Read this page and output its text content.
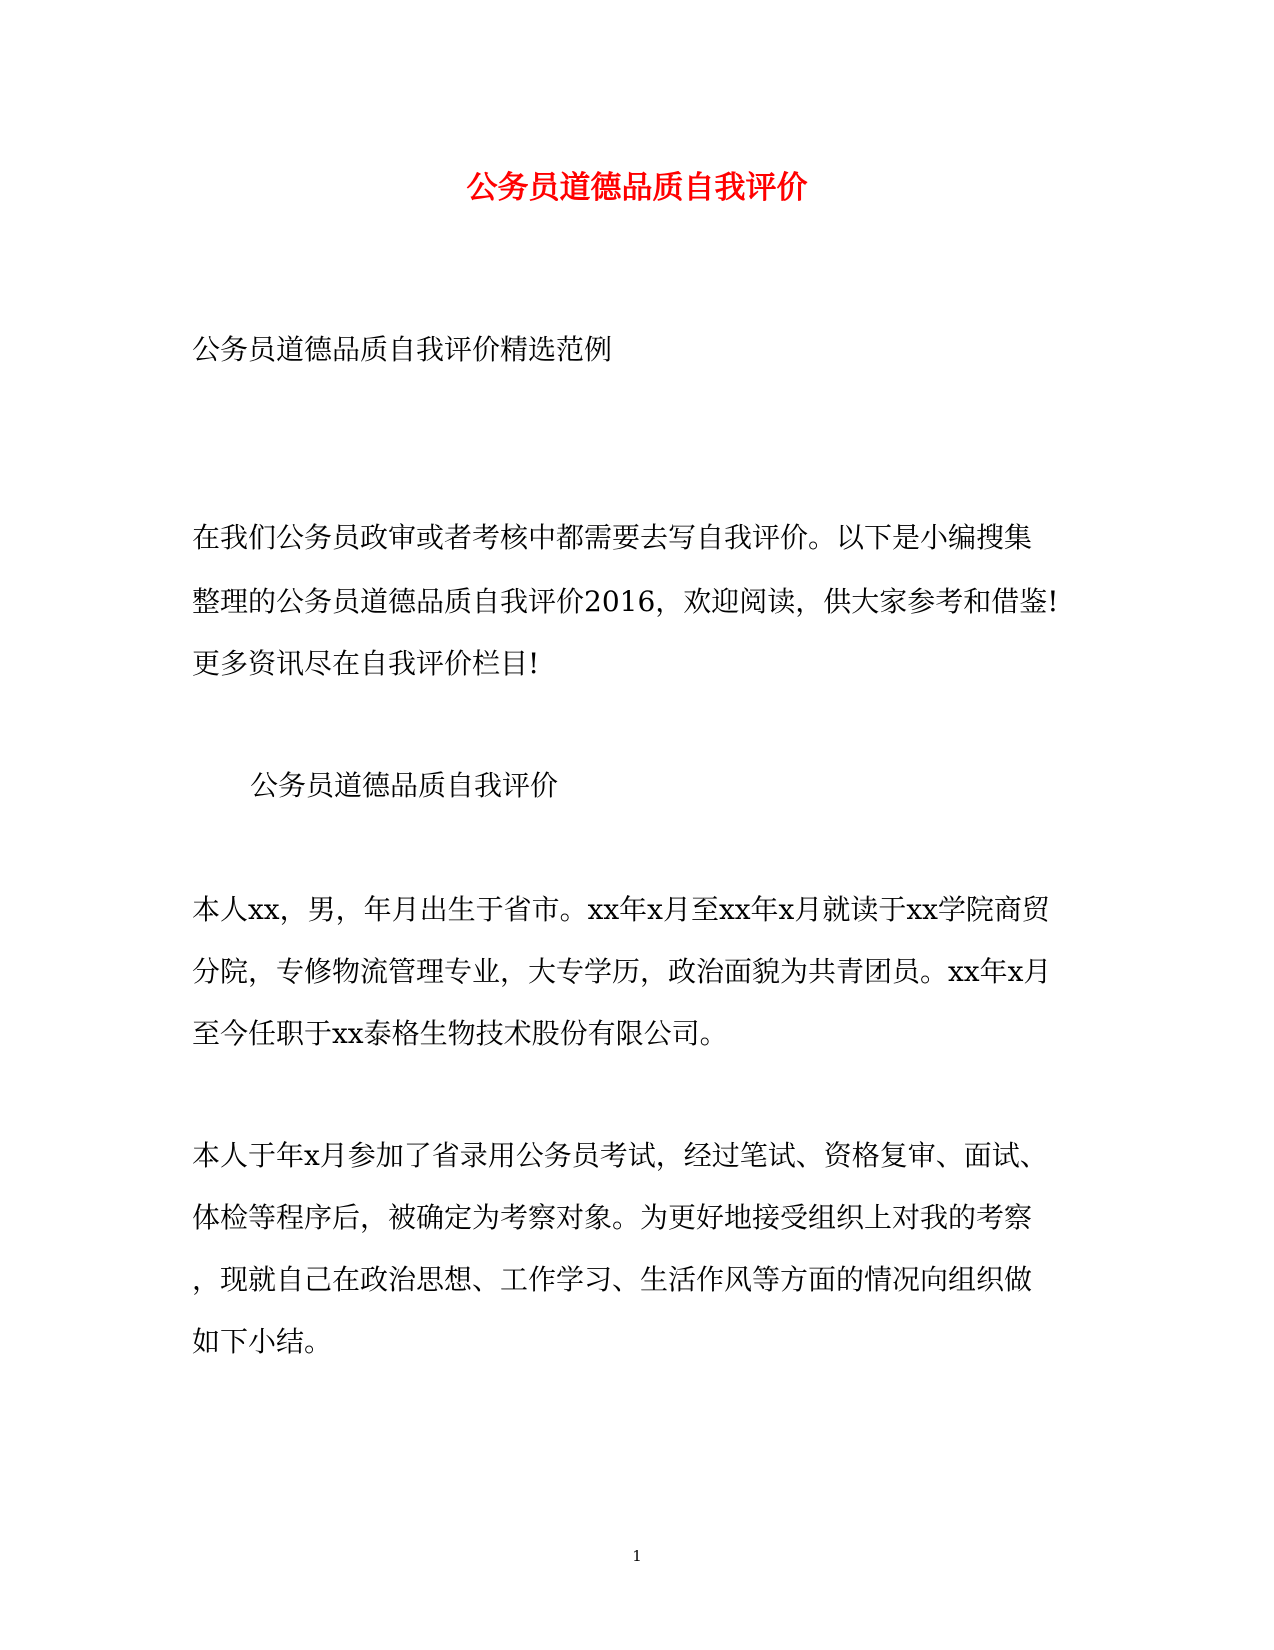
公务员道德品质自我评价

公务员道德品质自我评价精选范例

在我们公务员政审或者考核中都需要去写自我评价。以下是小编搜集

整理的公务员道德品质自我评价2016，欢迎阅读，供大家参考和借鉴!

更多资讯尽在自我评价栏目!

公务员道德品质自我评价

本人xx，男，年月出生于省市。xx年x月至xx年x月就读于xx学院商贸

分院，专修物流管理专业，大专学历，政治面貌为共青团员。xx年x月

至今任职于xx泰格生物技术股份有限公司。

本人于年x月参加了省录用公务员考试，经过笔试、资格复审、面试、

体检等程序后，被确定为考察对象。为更好地接受组织上对我的考察

，现就自己在政治思想、工作学习、生活作风等方面的情况向组织做

如下小结。

1
